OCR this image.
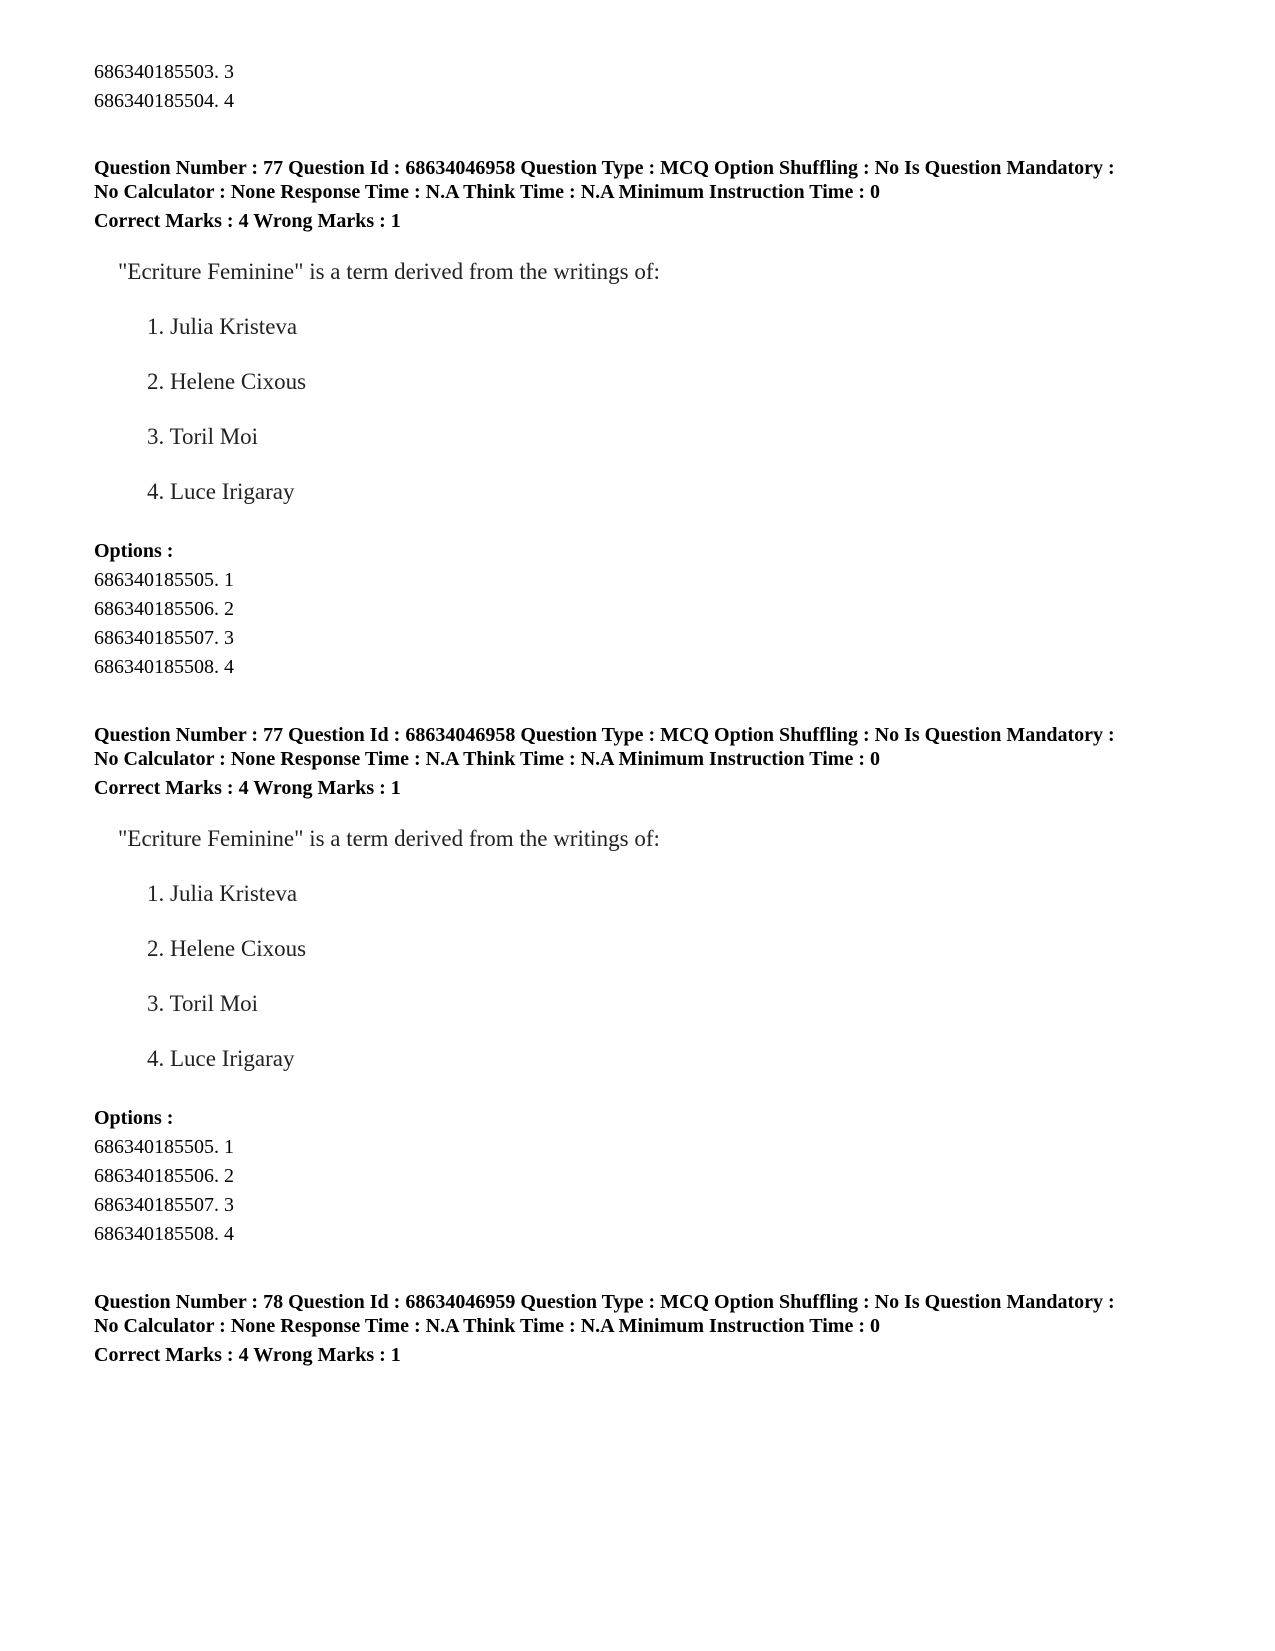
686340185503. 3
686340185504. 4
Question Number : 77 Question Id : 68634046958 Question Type : MCQ Option Shuffling : No Is Question Mandatory :
No Calculator : None Response Time : N.A Think Time : N.A Minimum Instruction Time : 0
Correct Marks : 4 Wrong Marks : 1
"Ecriture Feminine" is a term derived from the writings of:
1. Julia Kristeva
2. Helene Cixous
3. Toril Moi
4. Luce Irigaray
Options :
686340185505. 1
686340185506. 2
686340185507. 3
686340185508. 4
Question Number : 77 Question Id : 68634046958 Question Type : MCQ Option Shuffling : No Is Question Mandatory :
No Calculator : None Response Time : N.A Think Time : N.A Minimum Instruction Time : 0
Correct Marks : 4 Wrong Marks : 1
"Ecriture Feminine" is a term derived from the writings of:
1. Julia Kristeva
2. Helene Cixous
3. Toril Moi
4. Luce Irigaray
Options :
686340185505. 1
686340185506. 2
686340185507. 3
686340185508. 4
Question Number : 78 Question Id : 68634046959 Question Type : MCQ Option Shuffling : No Is Question Mandatory :
No Calculator : None Response Time : N.A Think Time : N.A Minimum Instruction Time : 0
Correct Marks : 4 Wrong Marks : 1
